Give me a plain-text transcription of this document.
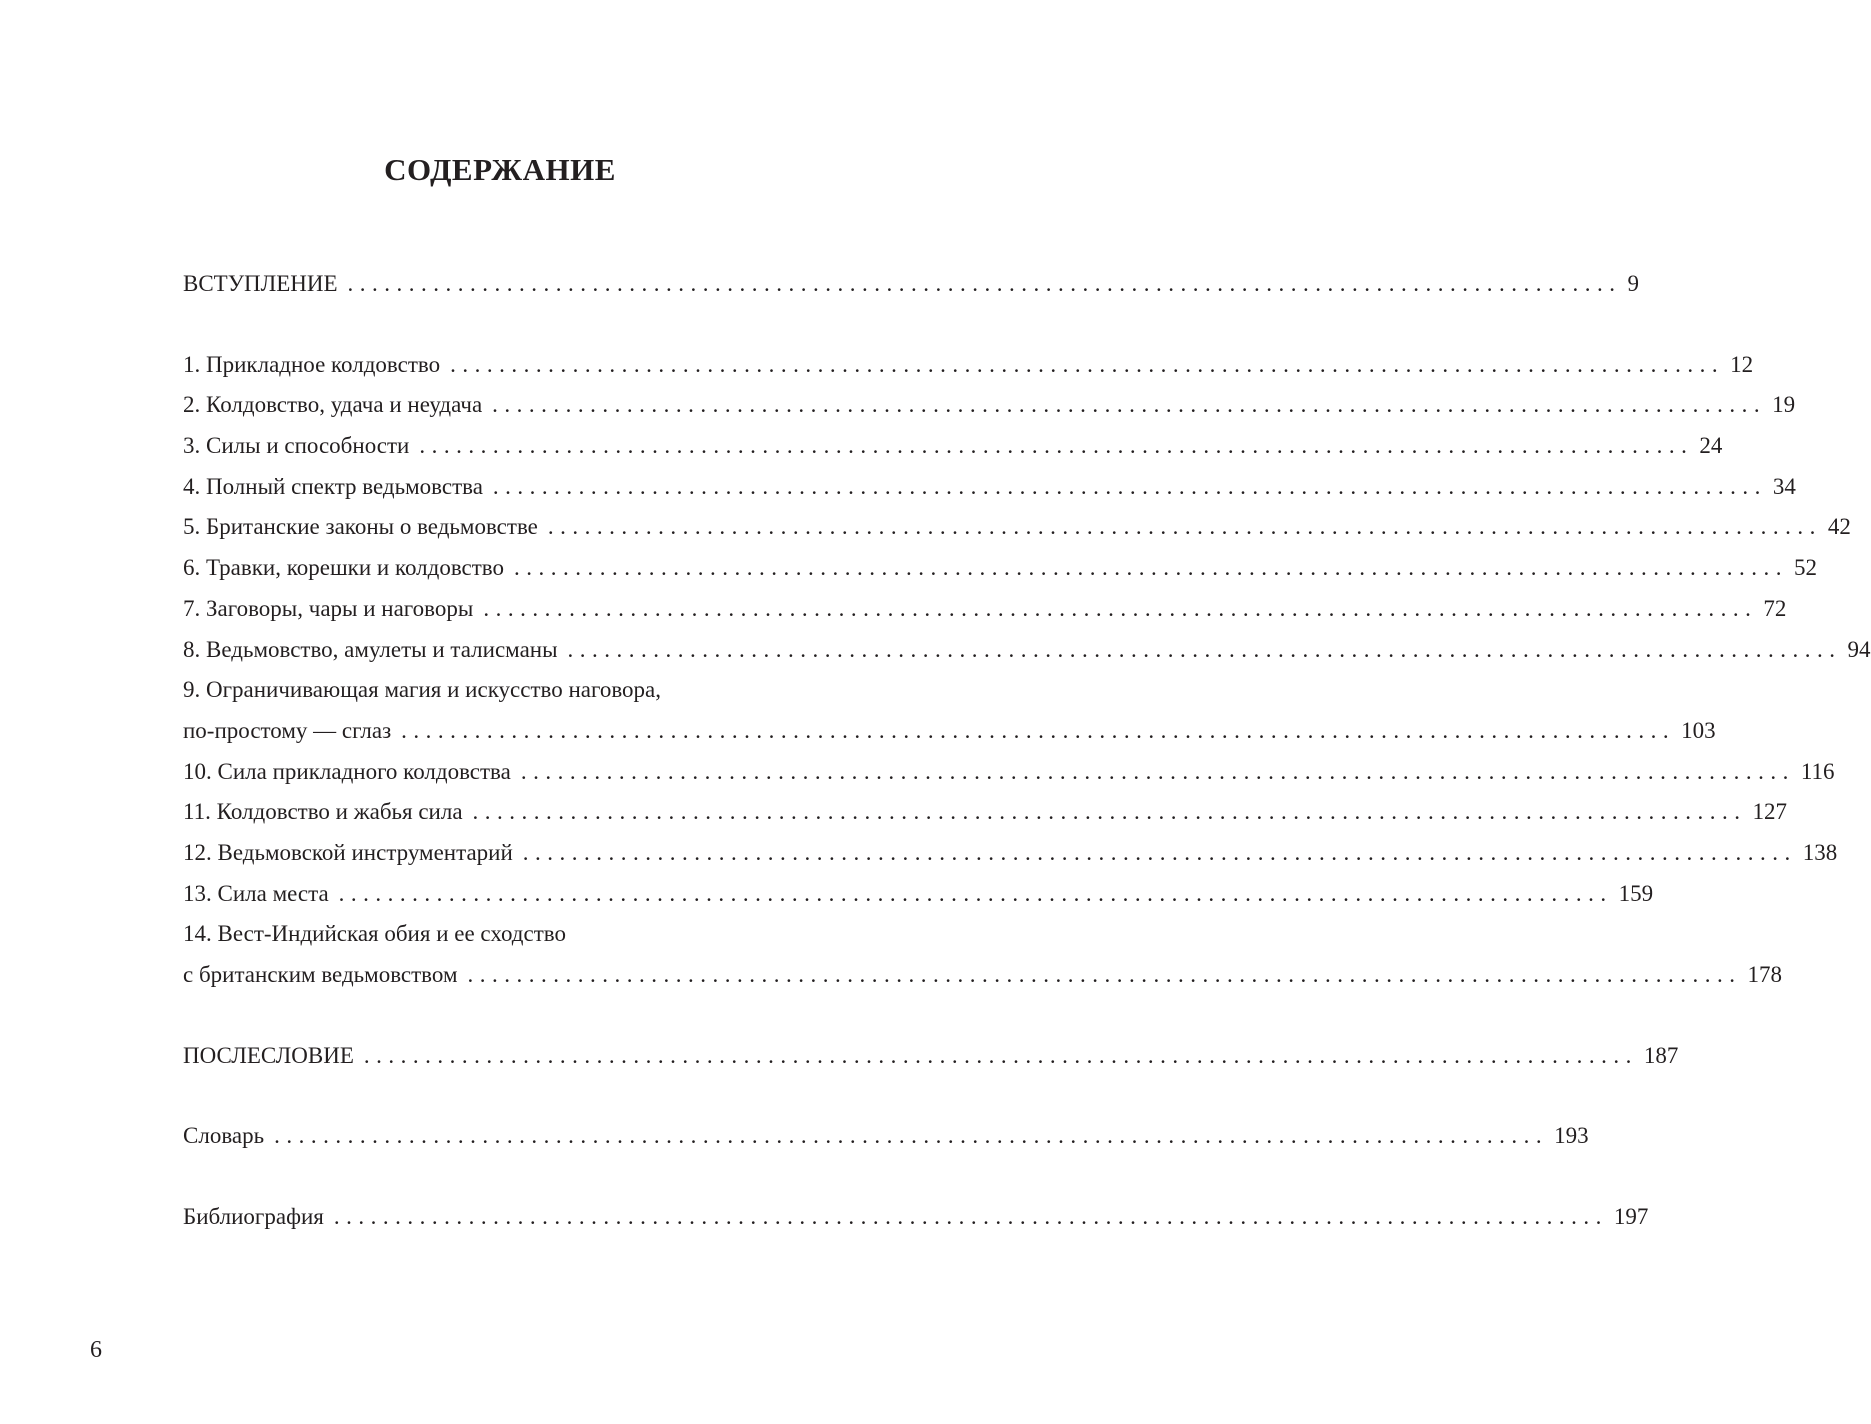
СОДЕРЖАНИЕ
ВСТУПЛЕНИЕ ........................................................................................................ 9
1. Прикладное колдовство ........................................................................................................ 12
2. Колдовство, удача и неудача ........................................................................................................ 19
3. Силы и способности ........................................................................................................ 24
4. Полный спектр ведьмовства ........................................................................................................ 34
5. Британские законы о ведьмовстве ........................................................................................................ 42
6. Травки, корешки и колдовство ........................................................................................................ 52
7. Заговоры, чары и наговоры ........................................................................................................ 72
8. Ведьмовство, амулеты и талисманы ........................................................................................................ 94
9. Ограничивающая магия и искусство наговора,
по-простому — сглаз ........................................................................................................ 103
10. Сила прикладного колдовства ........................................................................................................ 116
11. Колдовство и жабья сила ........................................................................................................ 127
12. Ведьмовской инструментарий ........................................................................................................ 138
13. Сила места ........................................................................................................ 159
14. Вест-Индийская обия и ее сходство
с британским ведьмовством ........................................................................................................ 178
ПОСЛЕСЛОВИЕ ........................................................................................................ 187
Словарь ........................................................................................................ 193
Библиография ........................................................................................................ 197
6
